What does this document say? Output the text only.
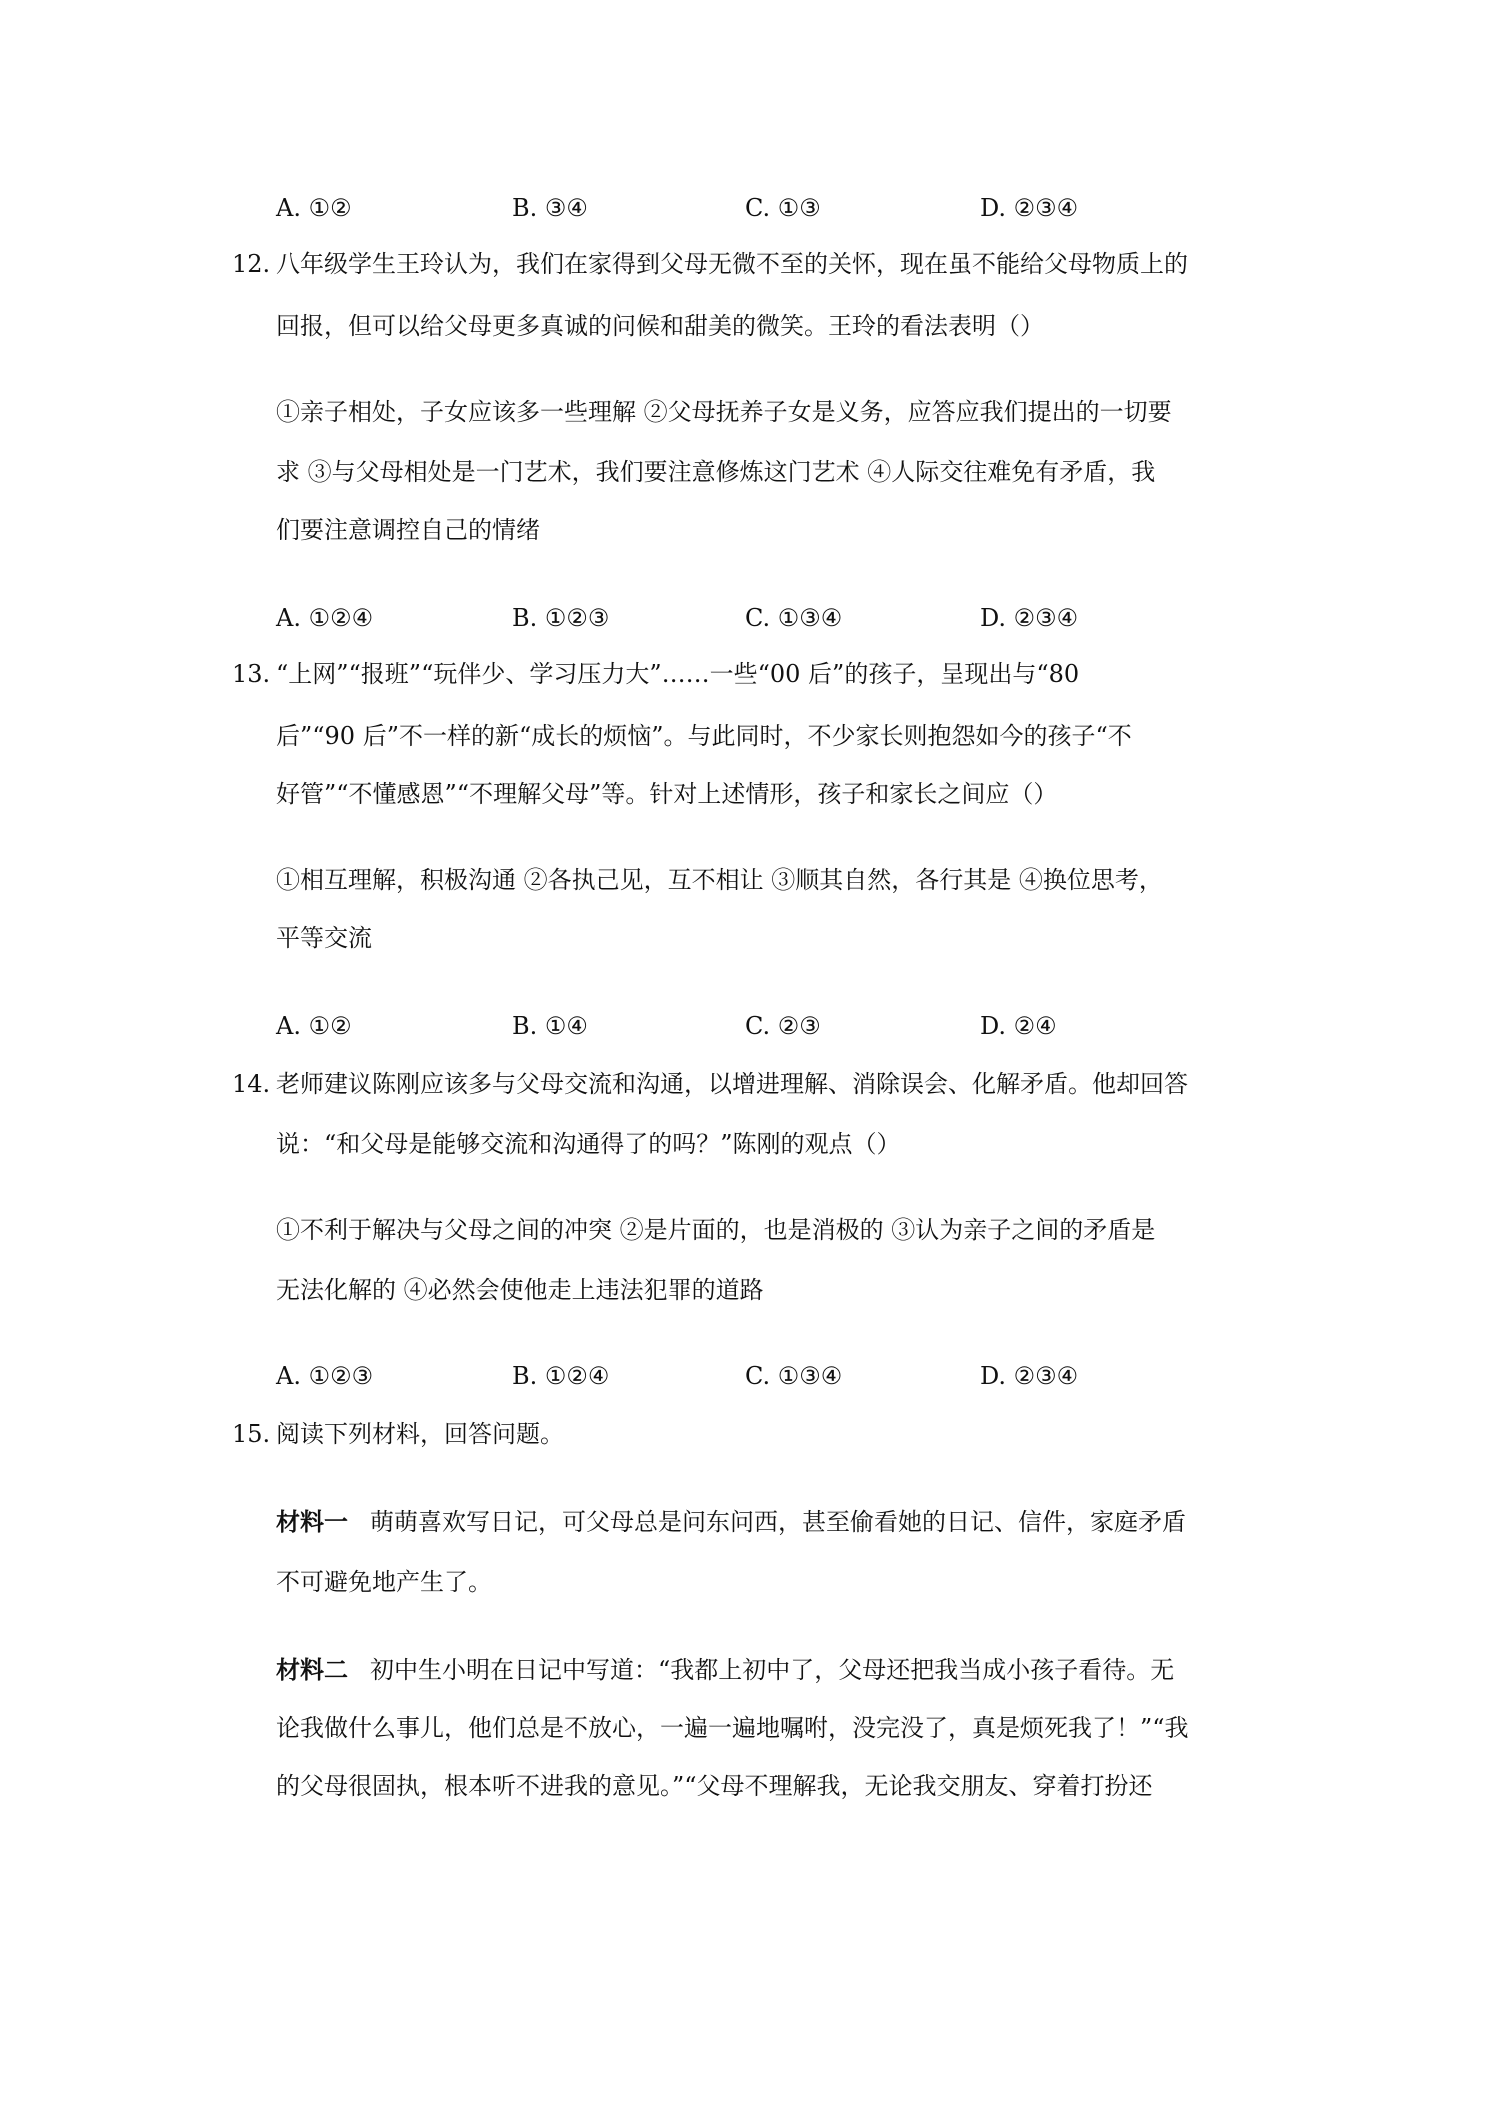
A. ①②	B. ③④	C. ①③	D. ②③④
12. 八年级学生王玲认为，我们在家得到父母无微不至的关怀，现在虽不能给父母物质上的
回报，但可以给父母更多真诚的问候和甜美的微笑。王玲的看法表明（）
①亲子相处，子女应该多一些理解 ②父母抚养子女是义务，应答应我们提出的一切要
求 ③与父母相处是一门艺术，我们要注意修炼这门艺术 ④人际交往难免有矛盾，我
们要注意调控自己的情绪
A. ①②④	B. ①②③	C. ①③④	D. ②③④
13. “上网”“报班”“玩伴少、学习压力大”……一些“00 后”的孩子，呈现出与“80
后”“90 后”不一样的新“成长的烦恼”。与此同时，不少家长则抱怨如今的孩子“不
好管”“不懂感恩”“不理解父母”等。针对上述情形，孩子和家长之间应（）
①相互理解，积极沟通 ②各执己见，互不相让 ③顺其自然，各行其是 ④换位思考，
平等交流
A. ①②	B. ①④	C. ②③	D. ②④
14. 老师建议陈刚应该多与父母交流和沟通，以增进理解、消除误会、化解矛盾。他却回答
说：“和父母是能够交流和沟通得了的吗？”陈刚的观点（）
①不利于解决与父母之间的冲突 ②是片面的，也是消极的 ③认为亲子之间的矛盾是
无法化解的 ④必然会使他走上违法犯罪的道路
A. ①②③	B. ①②④	C. ①③④	D. ②③④
15. 阅读下列材料，回答问题。
材料一 萌萌喜欢写日记，可父母总是问东问西，甚至偷看她的日记、信件，家庭矛盾
不可避免地产生了。
材料二 初中生小明在日记中写道：“我都上初中了，父母还把我当成小孩子看待。无
论我做什么事儿，他们总是不放心，一遍一遍地嘱咐，没完没了，真是烦死我了！”“我
的父母很固执，根本听不进我的意见。”“父母不理解我，无论我交朋友、穿着打扮还
